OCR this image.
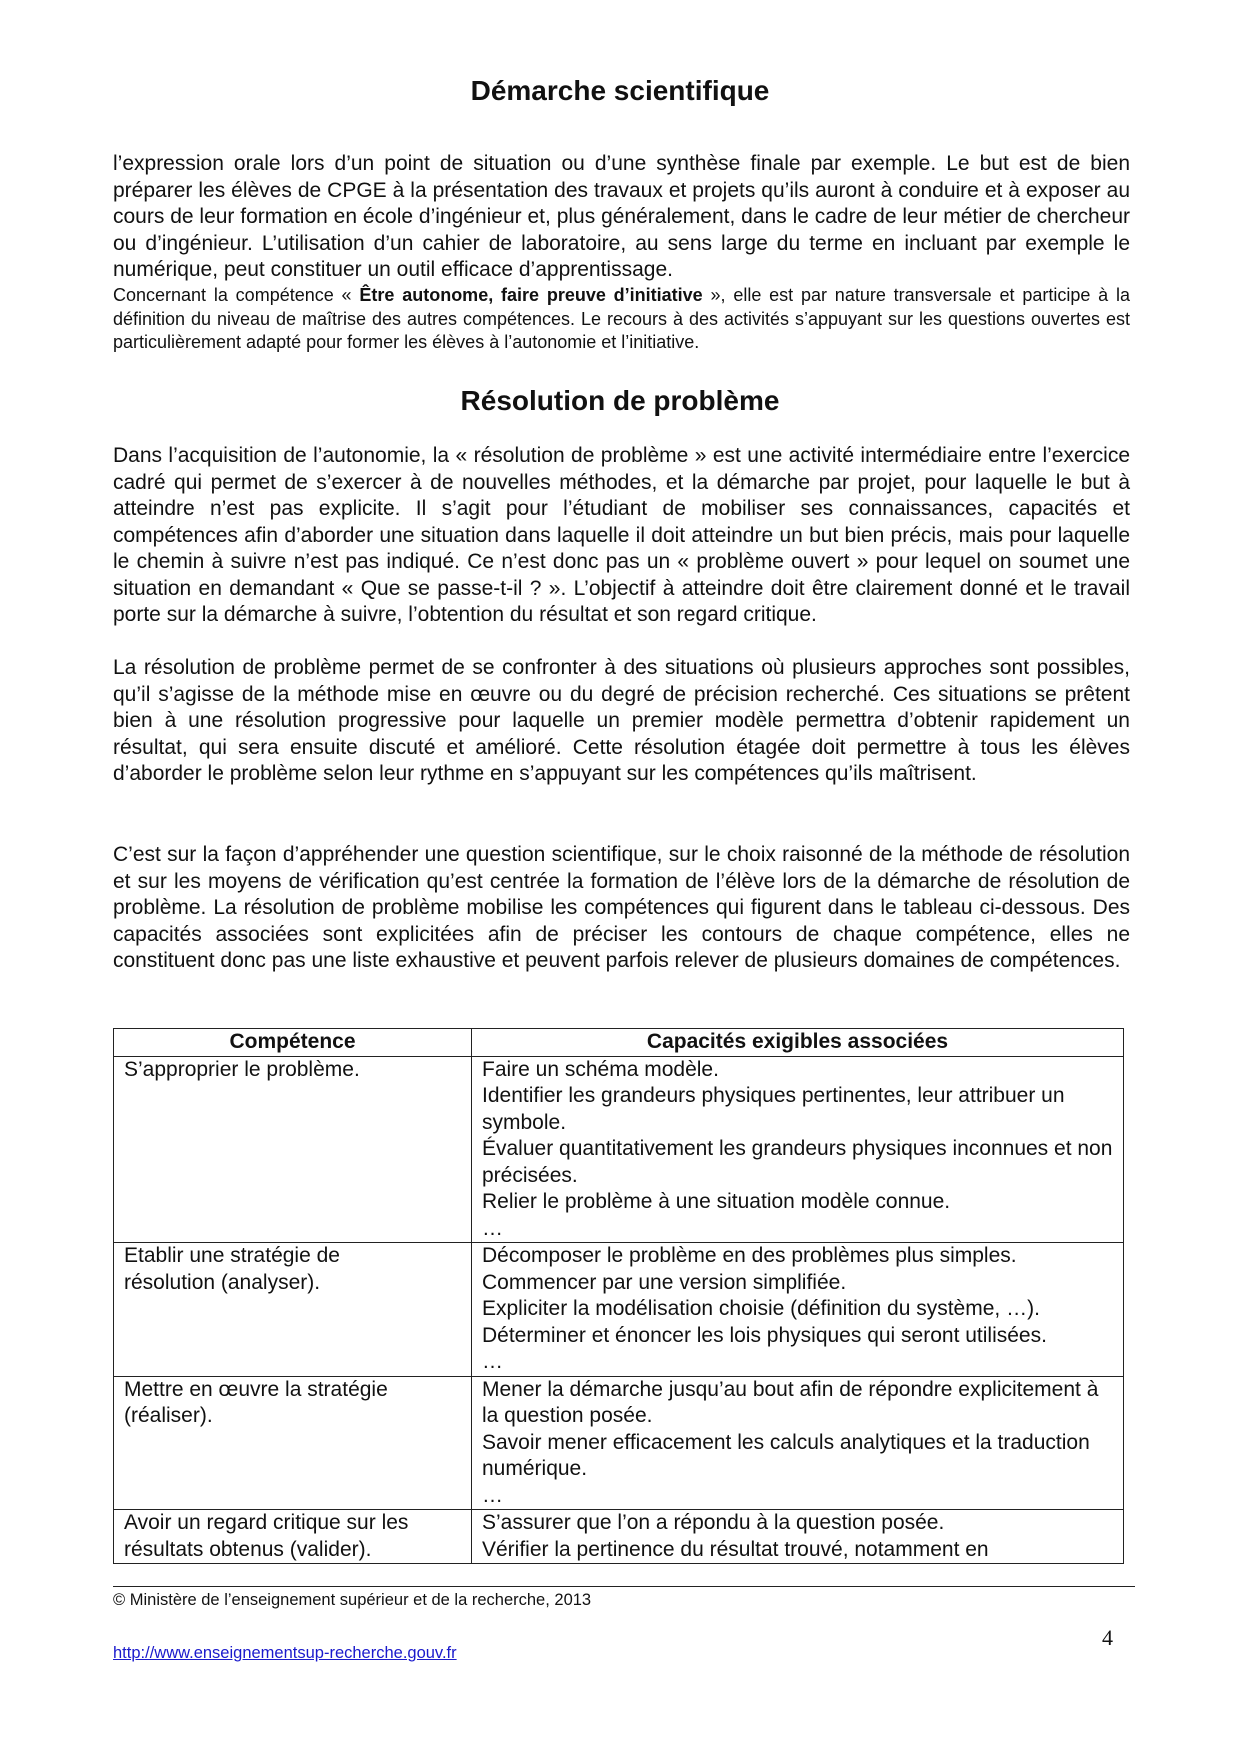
Démarche scientifique

l’expression orale lors d’un point de situation ou d’une synthèse finale par exemple. Le but est de bien préparer les élèves de CPGE à la présentation des travaux et projets qu’ils auront à conduire et à exposer au cours de leur formation en école d’ingénieur et, plus généralement, dans le cadre de leur métier de chercheur ou d’ingénieur. L’utilisation d’un cahier de laboratoire, au sens large du terme en incluant par exemple le numérique, peut constituer un outil efficace d’apprentissage.

Concernant la compétence « Être autonome, faire preuve d’initiative », elle est par nature transversale et participe à la définition du niveau de maîtrise des autres compétences. Le recours à des activités s’appuyant sur les questions ouvertes est particulièrement adapté pour former les élèves à l’autonomie et l’initiative.

Résolution de problème

Dans l’acquisition de l’autonomie, la « résolution de problème » est une activité intermédiaire entre l’exercice cadré qui permet de s’exercer à de nouvelles méthodes, et la démarche par projet, pour laquelle le but à atteindre n’est pas explicite. Il s’agit pour l’étudiant de mobiliser ses connaissances, capacités et compétences afin d’aborder une situation dans laquelle il doit atteindre un but bien précis, mais pour laquelle le chemin à suivre n’est pas indiqué. Ce n’est donc pas un « problème ouvert » pour lequel on soumet une situation en demandant « Que se passe-t-il ? ». L’objectif à atteindre doit être clairement donné et le travail porte sur la démarche à suivre, l’obtention du résultat et son regard critique.

La résolution de problème permet de se confronter à des situations où plusieurs approches sont possibles, qu’il s’agisse de la méthode mise en œuvre ou du degré de précision recherché. Ces situations se prêtent bien à une résolution progressive pour laquelle un premier modèle permettra d’obtenir rapidement un résultat, qui sera ensuite discuté et amélioré. Cette résolution étagée doit permettre à tous les élèves d’aborder le problème selon leur rythme en s’appuyant sur les compétences qu’ils maîtrisent.

C’est sur la façon d’appréhender une question scientifique, sur le choix raisonné de la méthode de résolution et sur les moyens de vérification qu’est centrée la formation de l’élève lors de la démarche de résolution de problème. La résolution de problème mobilise les compétences qui figurent dans le tableau ci-dessous. Des capacités associées sont explicitées afin de préciser les contours de chaque compétence, elles ne constituent donc pas une liste exhaustive et peuvent parfois relever de plusieurs domaines de compétences.

Compétence	Capacités exigibles associées

S’approprier le problème.	Faire un schéma modèle.
Identifier les grandeurs physiques pertinentes, leur attribuer un symbole.
Évaluer quantitativement les grandeurs physiques inconnues et non précisées.
Relier le problème à une situation modèle connue.
…

Etablir une stratégie de
résolution (analyser).	Décomposer le problème en des problèmes plus simples.
Commencer par une version simplifiée.
Expliciter la modélisation choisie (définition du système, …).
Déterminer et énoncer les lois physiques qui seront utilisées.
…

Mettre en œuvre la stratégie
(réaliser).	Mener la démarche jusqu’au bout afin de répondre explicitement à la question posée.
Savoir mener efficacement les calculs analytiques et la traduction numérique.
…

Avoir un regard critique sur les
résultats obtenus (valider).	S’assurer que l’on a répondu à la question posée.
Vérifier la pertinence du résultat trouvé, notamment en
© Ministère de l’enseignement supérieur et de la recherche, 2013
4
http://www.enseignementsup-recherche.gouv.fr
